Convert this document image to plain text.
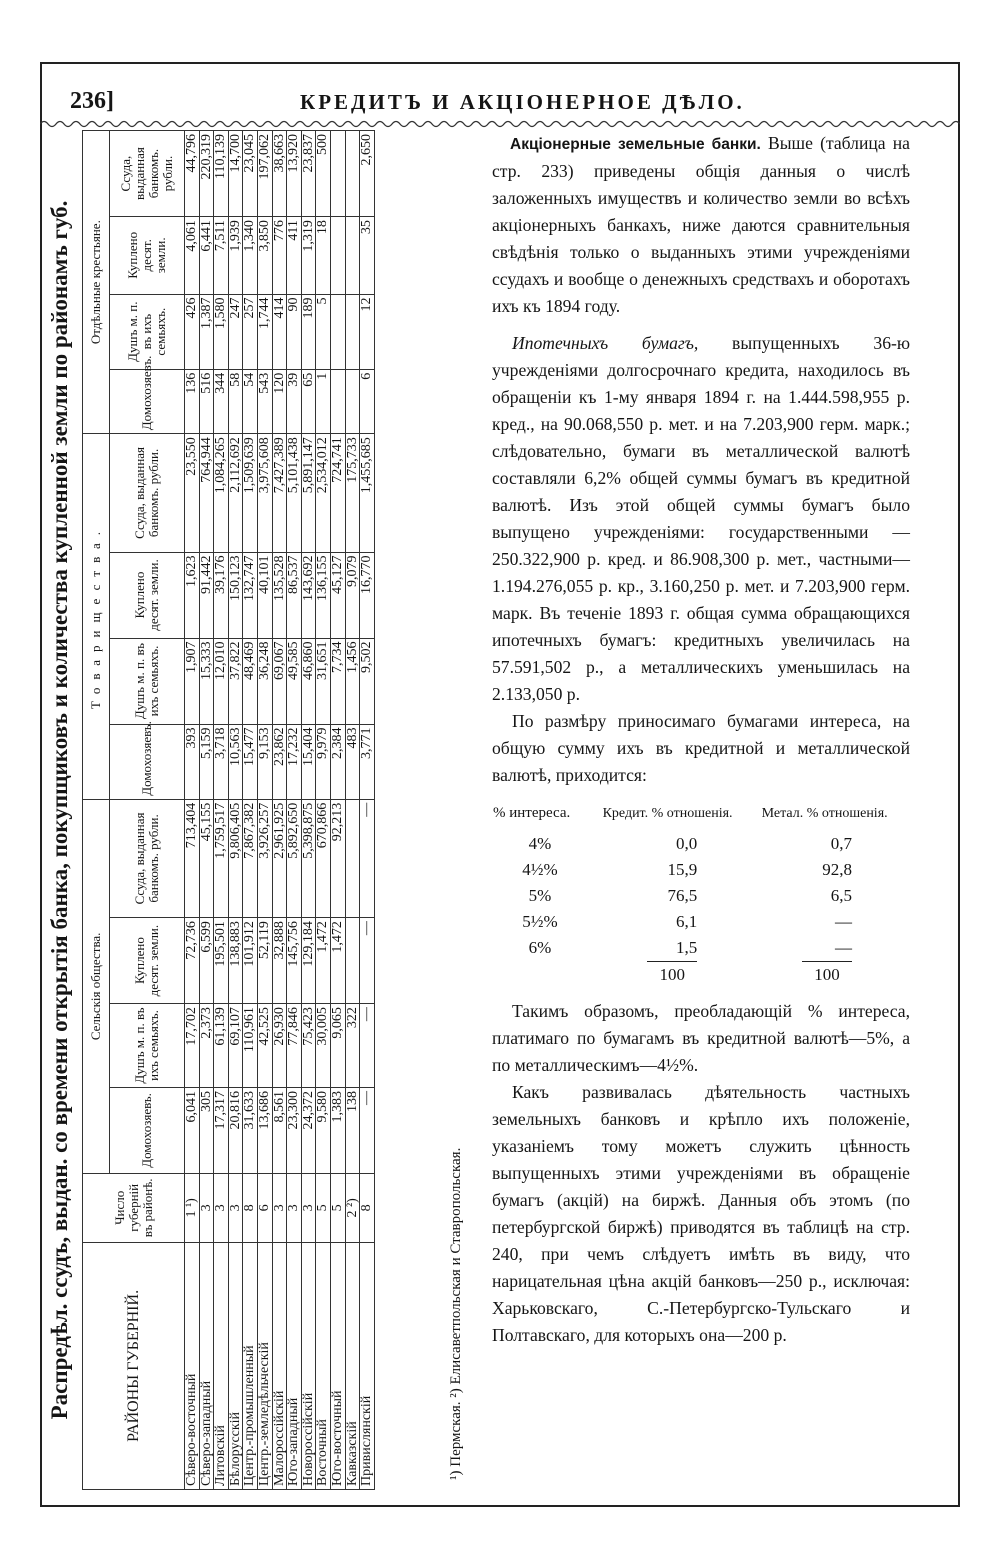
236]	КРЕДИТЪ И АКЦІОНЕРНОЕ ДѢЛО.
Распредѣл. ссудъ, выдан. со времени открытія банка, покупщиковъ и количества купленной земли по районамъ губ.	РАЙОНЫ ГУБЕРНІЙ.	Число губерній въ районѣ.	Сельскія общества.				Товарищества.				Отдѣльные крестьяне.			
		Домохозяевъ.	Душъ м. п. въ ихъ семьяхъ.	Куплено десят. земли.	Ссуда, выданная банкомъ. рубли.	Домохозяевъ.	Душъ м. п. въ ихъ семьяхъ.	Куплено десят. земли.	Ссуда, выданная банкомъ. рубли.	Домохозяевъ.	Душъ м. п. въ ихъ семьяхъ.	Куплено десят. земли.	Ссуда, выданная банкомъ. рубли.
Сѣверо-восточный	1 ¹)	6,041	17,702	72,736	713,404	393	1,907	1,623	23,550	136	426	4,061	44,796
Сѣверо-западный	3	305	2,373	6,599	45,155	5,159	15,333	91,442	764,944	516	1,387	6,441	220,319
Литовскій	3	17,317	61,139	195,501	1,759,517	3,718	12,010	39,176	1,084,265	344	1,580	7,511	110,139
Бѣлорусскій	3	20,816	69,107	138,883	9,806,405	10,563	37,822	150,123	2,112,692	58	247	1,939	14,700
Центр.-промышленный	8	31,633	110,961	101,912	7,867,382	15,477	48,469	132,747	1,509,639	54	257	1,340	23,045
Центр.-земледѣльческій	6	13,686	42,525	52,119	3,926,257	9,153	36,248	40,101	3,975,608	543	1,744	3,850	197,062
Малороссійскій	3	8,561	26,930	32,888	2,961,925	23,862	69,067	135,528	7,427,389	120	414	776	38,663
Юго-западный	3	23,300	77,846	145,756	5,892,650	17,232	49,585	86,537	5,101,438	39	90	411	13,920
Новороссійскій	3	24,372	75,423	129,184	5,398,875	15,404	46,860	143,692	5,891,147	65	189	1,319	23,837
Восточный	5	9,580	30,005	1,472	670,866	9,979	31,651	136,155	2,534,012	1	5	18	500
Юго-восточный	5	1,383	9,065	1,472	92,213	2,384	7,734	45,127	724,741				
Кавказскій	2 ²)	138	322			483	1,456	9,079	175,733				
Привислянскій	8	—	—	—	—	3,771	9,502	16,770	1,455,685	6	12	35	2,650
¹) Пермская. ²) Елисаветпольская и Ставропольская.

Акціонерные земельные банки. Выше (таблица на стр. 233) приведены общія данныя о числѣ заложенныхъ имуществъ и количество земли во всѣхъ акціонерныхъ банкахъ, ниже даются сравнительныя свѣдѣнія только о выданныхъ этими учрежденіями ссудахъ и вообще о денежныхъ средствахъ и оборотахъ ихъ къ 1894 году.

Ипотечныхъ бумагъ, выпущенныхъ 36-ю учрежденіями долгосрочнаго кредита, находилось въ обращеніи къ 1-му января 1894 г. на 1.444.598,955 р. кред., на 90.068,550 р. мет. и на 7.203,900 герм. марк.; слѣдовательно, бумаги въ металлической валютѣ составляли 6,2% общей суммы бумагъ въ кредитной валютѣ. Изъ этой общей суммы бумагъ было выпущено учрежденіями: государственными — 250.322,900 р. кред. и 86.908,300 р. мет., частными—1.194.276,055 р. кр., 3.160,250 р. мет. и 7.203,900 герм. марк. Въ теченіе 1893 г. общая сумма обращающихся ипотечныхъ бумагъ: кредитныхъ увеличилась на 57.591,502 р., а металлическихъ уменьшилась на 2.133,050 р.

По размѣру приносимаго бумагами интереса, на общую сумму ихъ въ кредитной и металлической валютѣ, приходится:

% интереса.	Кредит. % отношенія.	Метал. % отношенія.
4%	0,0	0,7
4½%	15,9	92,8
5%	76,5	6,5
5½%	6,1	—
6%	1,5	—
	100	100

Такимъ образомъ, преобладающій % интереса, платимаго по бумагамъ въ кредитной валютѣ—5%, а по металлическимъ—4½%.

Какъ развивалась дѣятельность частныхъ земельныхъ банковъ и крѣпло ихъ положеніе, указаніемъ тому можетъ служить цѣнность выпущенныхъ этими учрежденіями въ обращеніе бумагъ (акцій) на биржѣ. Данныя объ этомъ (по петербургской биржѣ) приводятся въ таблицѣ на стр. 240, при чемъ слѣдуетъ имѣть въ виду, что нарицательная цѣна акцій банковъ—250 р., исключая: Харьковскаго, С.-Петербургско-Тульскаго и Полтавскаго, для которыхъ она—200 р.
